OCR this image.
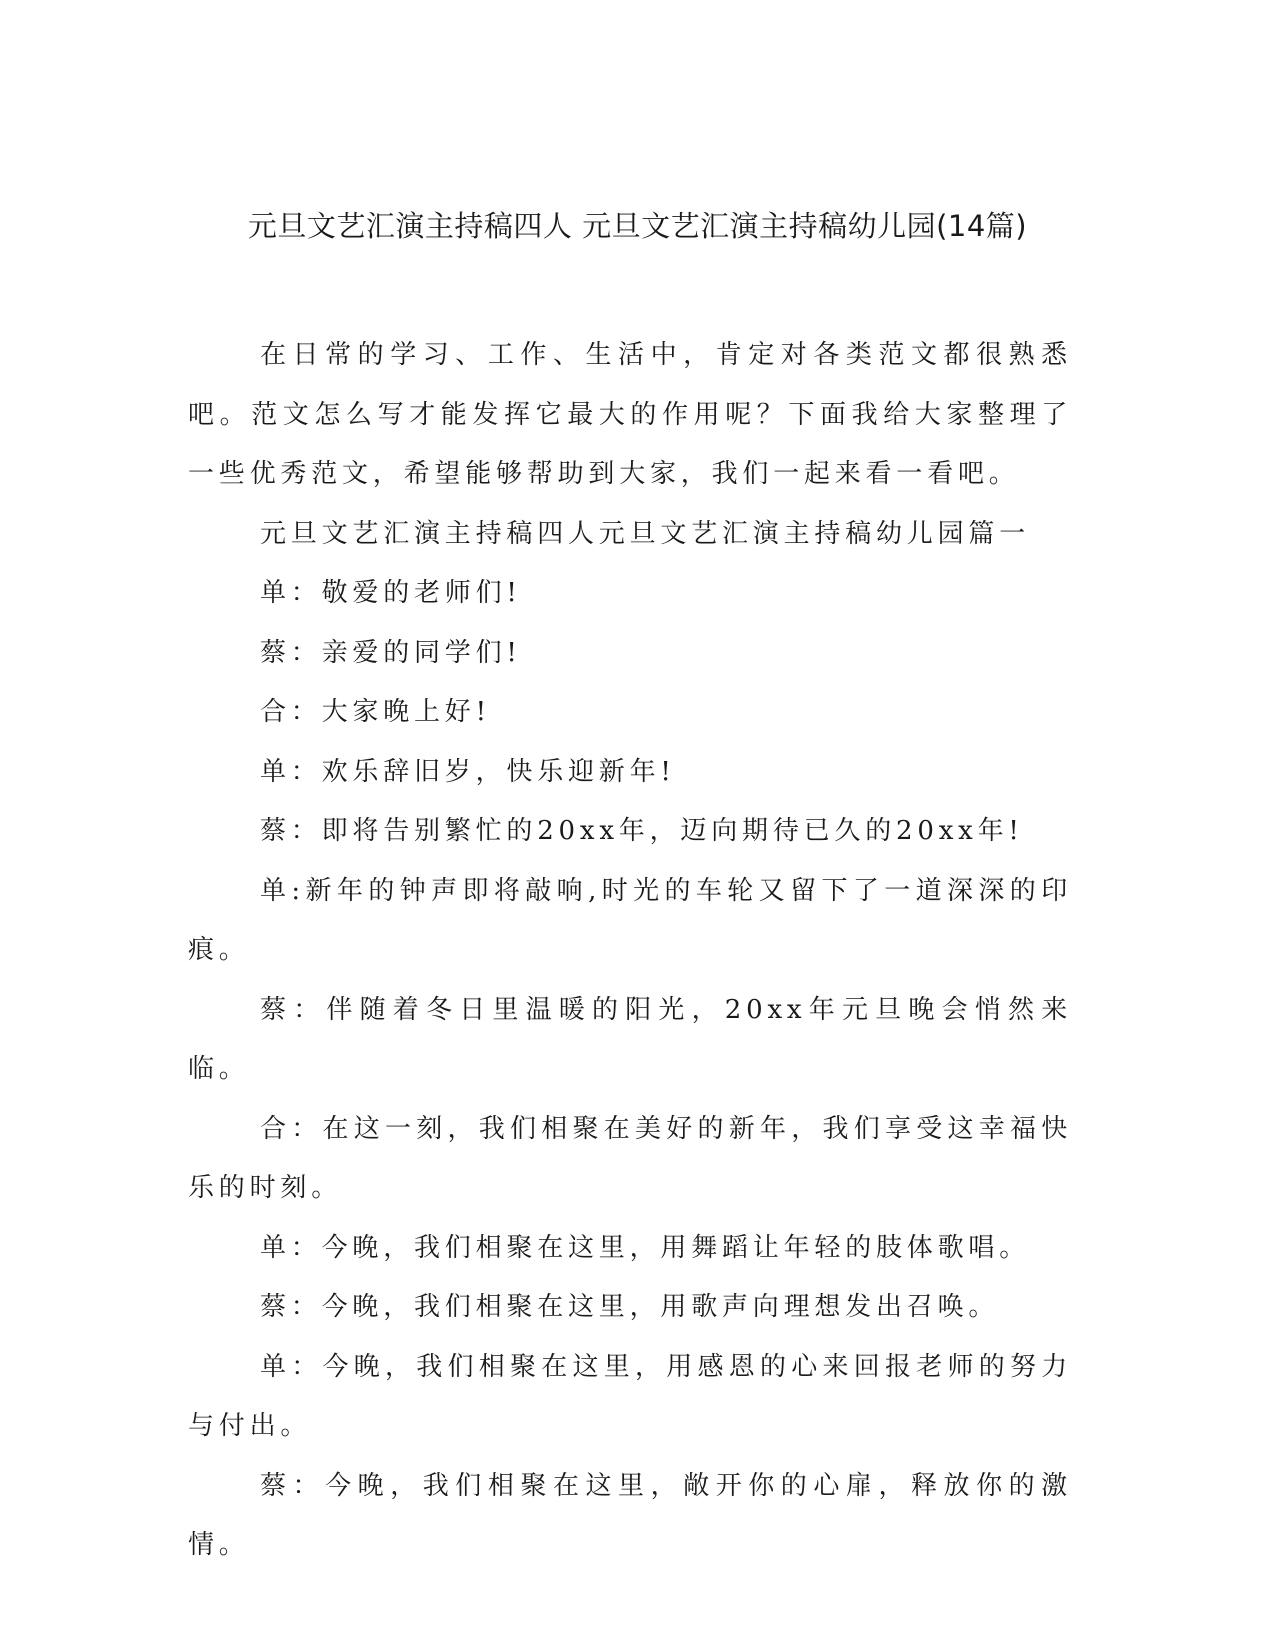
元旦文艺汇演主持稿四人 元旦文艺汇演主持稿幼儿园(14篇)

在日常的学习、工作、生活中，肯定对各类范文都很熟悉吧。范文怎么写才能发挥它最大的作用呢？下面我给大家整理了一些优秀范文，希望能够帮助到大家，我们一起来看一看吧。

元旦文艺汇演主持稿四人元旦文艺汇演主持稿幼儿园篇一

单：敬爱的老师们!

蔡：亲爱的同学们!

合：大家晚上好!

单：欢乐辞旧岁，快乐迎新年!

蔡：即将告别繁忙的20xx年，迈向期待已久的20xx年!

单:新年的钟声即将敲响,时光的车轮又留下了一道深深的印痕。

蔡：伴随着冬日里温暖的阳光，20xx年元旦晚会悄然来临。

合：在这一刻，我们相聚在美好的新年，我们享受这幸福快乐的时刻。

单：今晚，我们相聚在这里，用舞蹈让年轻的肢体歌唱。

蔡：今晚，我们相聚在这里，用歌声向理想发出召唤。

单：今晚，我们相聚在这里，用感恩的心来回报老师的努力与付出。

蔡：今晚，我们相聚在这里，敞开你的心扉，释放你的激情。
